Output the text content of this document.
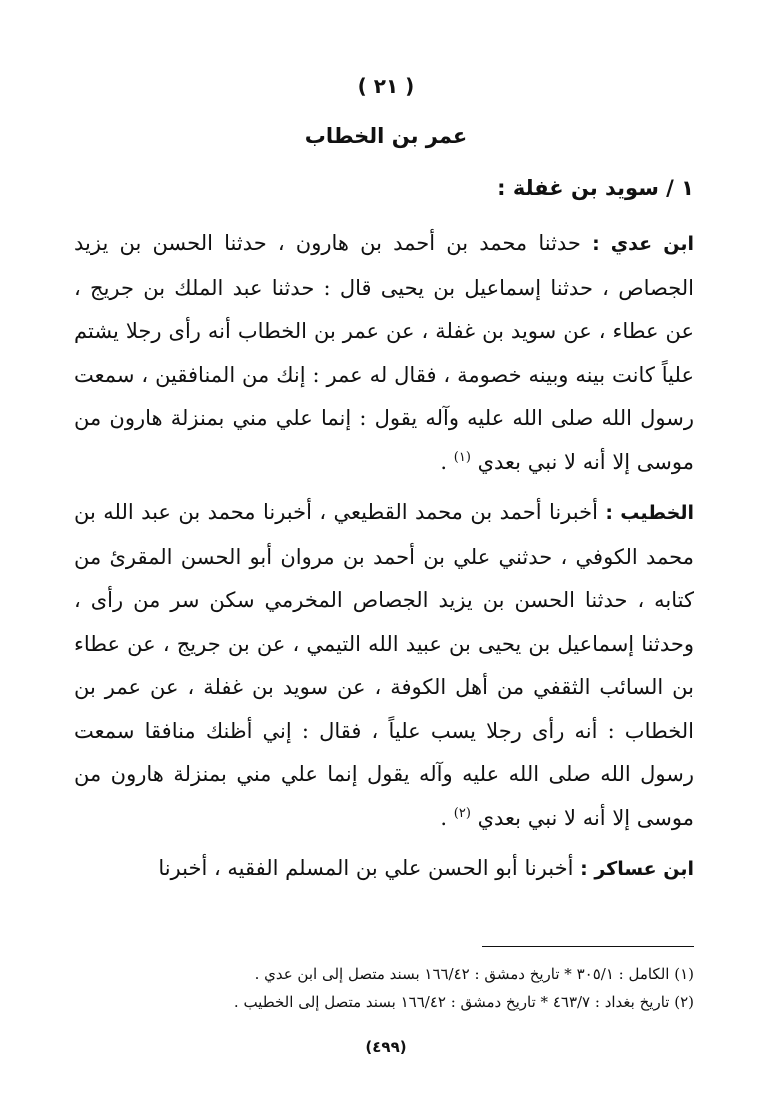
( ٢١ )
عمر بن الخطاب
١ / سويد بن غفلة :

ابن عدي : حدثنا محمد بن أحمد بن هارون ، حدثنا الحسن بن يزيد الجصاص ، حدثنا إسماعيل بن يحيى قال : حدثنا عبد الملك بن جريج ، عن عطاء ، عن سويد بن غفلة ، عن عمر بن الخطاب أنه رأى رجلا يشتم علياً كانت بينه وبينه خصومة ، فقال له عمر : إنك من المنافقين ، سمعت رسول الله صلى الله عليه وآله يقول : إنما علي مني بمنزلة هارون من موسى إلا أنه لا نبي بعدي $^{(١)}$ .

الخطيب : أخبرنا أحمد بن محمد القطيعي ، أخبرنا محمد بن عبد الله بن محمد الكوفي ، حدثني علي بن أحمد بن مروان أبو الحسن المقرئ من كتابه ، حدثنا الحسن بن يزيد الجصاص المخرمي سكن سر من رأى ، وحدثنا إسماعيل بن يحيى بن عبيد الله التيمي ، عن بن جريج ، عن عطاء بن السائب الثقفي من أهل الكوفة ، عن سويد بن غفلة ، عن عمر بن الخطاب : أنه رأى رجلا يسب علياً ، فقال : إني أظنك منافقا سمعت رسول الله صلى الله عليه وآله يقول إنما علي مني بمنزلة هارون من موسى إلا أنه لا نبي بعدي $^{(٢)}$ .

ابن عساكر : أخبرنا أبو الحسن علي بن المسلم الفقيه ، أخبرنا

(١) الكامل : ٣٠٥/١ * تاريخ دمشق : ١٦٦/٤٢ بسند متصل إلى ابن عدي .
(٢) تاريخ بغداد : ٤٦٣/٧ * تاريخ دمشق : ١٦٦/٤٢ بسند متصل إلى الخطيب .
(٤٩٩)
